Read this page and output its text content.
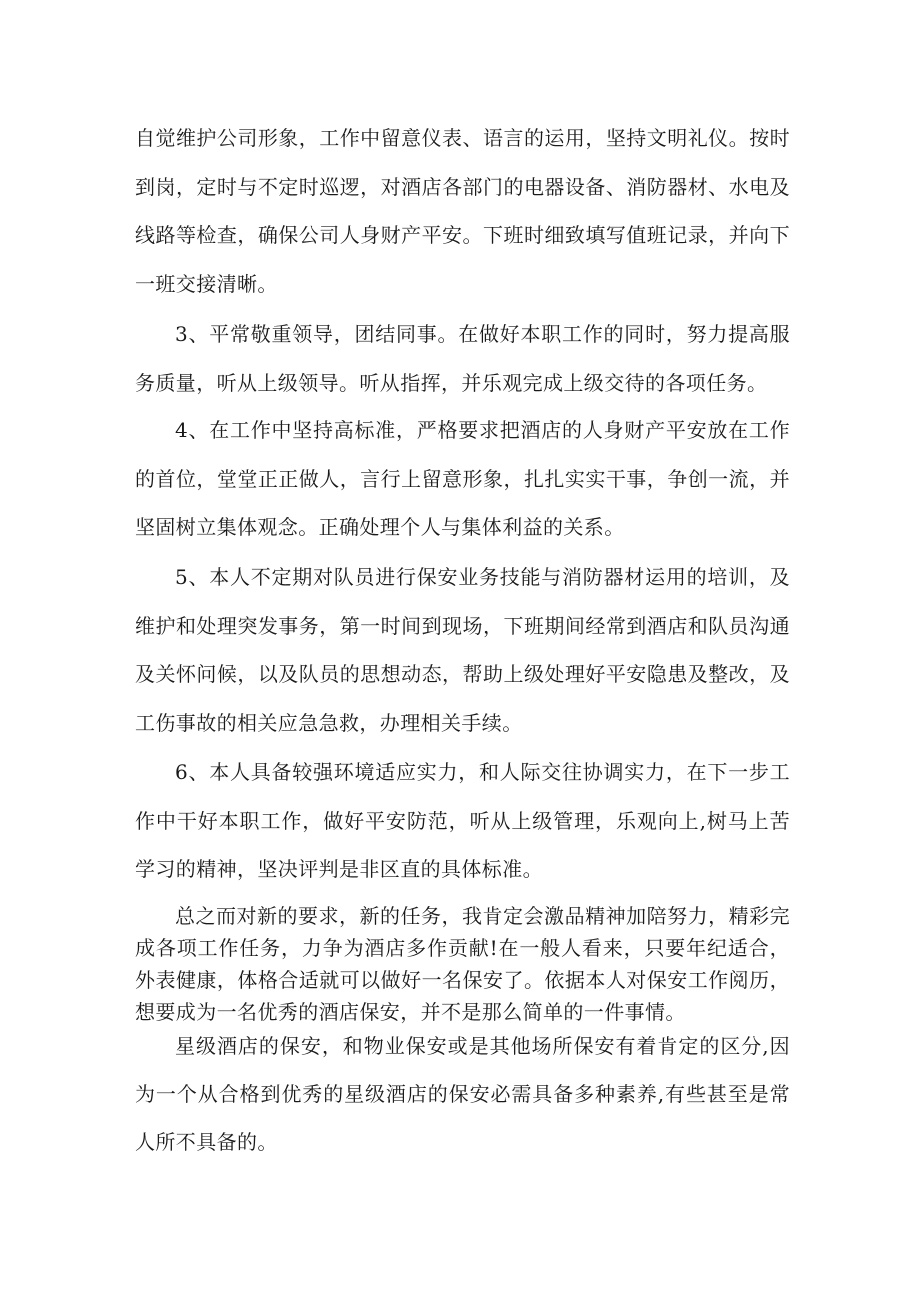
自觉维护公司形象，工作中留意仪表、语言的运用，坚持文明礼仪。按时到岗，定时与不定时巡逻，对酒店各部门的电器设备、消防器材、水电及线路等检查，确保公司人身财产平安。下班时细致填写值班记录，并向下一班交接清晰。

3、平常敬重领导，团结同事。在做好本职工作的同时，努力提高服务质量，听从上级领导。听从指挥，并乐观完成上级交待的各项任务。

4、在工作中坚持高标准，严格要求把酒店的人身财产平安放在工作的首位，堂堂正正做人，言行上留意形象，扎扎实实干事，争创一流，并坚固树立集体观念。正确处理个人与集体利益的关系。

5、本人不定期对队员进行保安业务技能与消防器材运用的培训，及维护和处理突发事务，第一时间到现场，下班期间经常到酒店和队员沟通及关怀问候，以及队员的思想动态，帮助上级处理好平安隐患及整改，及工伤事故的相关应急急救，办理相关手续。

6、本人具备较强环境适应实力，和人际交往协调实力，在下一步工作中干好本职工作，做好平安防范，听从上级管理，乐观向上,树马上苦学习的精神，坚决评判是非区直的具体标准。

总之而对新的要求，新的任务，我肯定会激品精神加陪努力，精彩完成各项工作任务，力争为酒店多作贡献!在一般人看来，只要年纪适合，外表健康，体格合适就可以做好一名保安了。依据本人对保安工作阅历，想要成为一名优秀的酒店保安，并不是那么简单的一件事情。

星级酒店的保安，和物业保安或是其他场所保安有着肯定的区分,因为一个从合格到优秀的星级酒店的保安必需具备多种素养,有些甚至是常人所不具备的。
